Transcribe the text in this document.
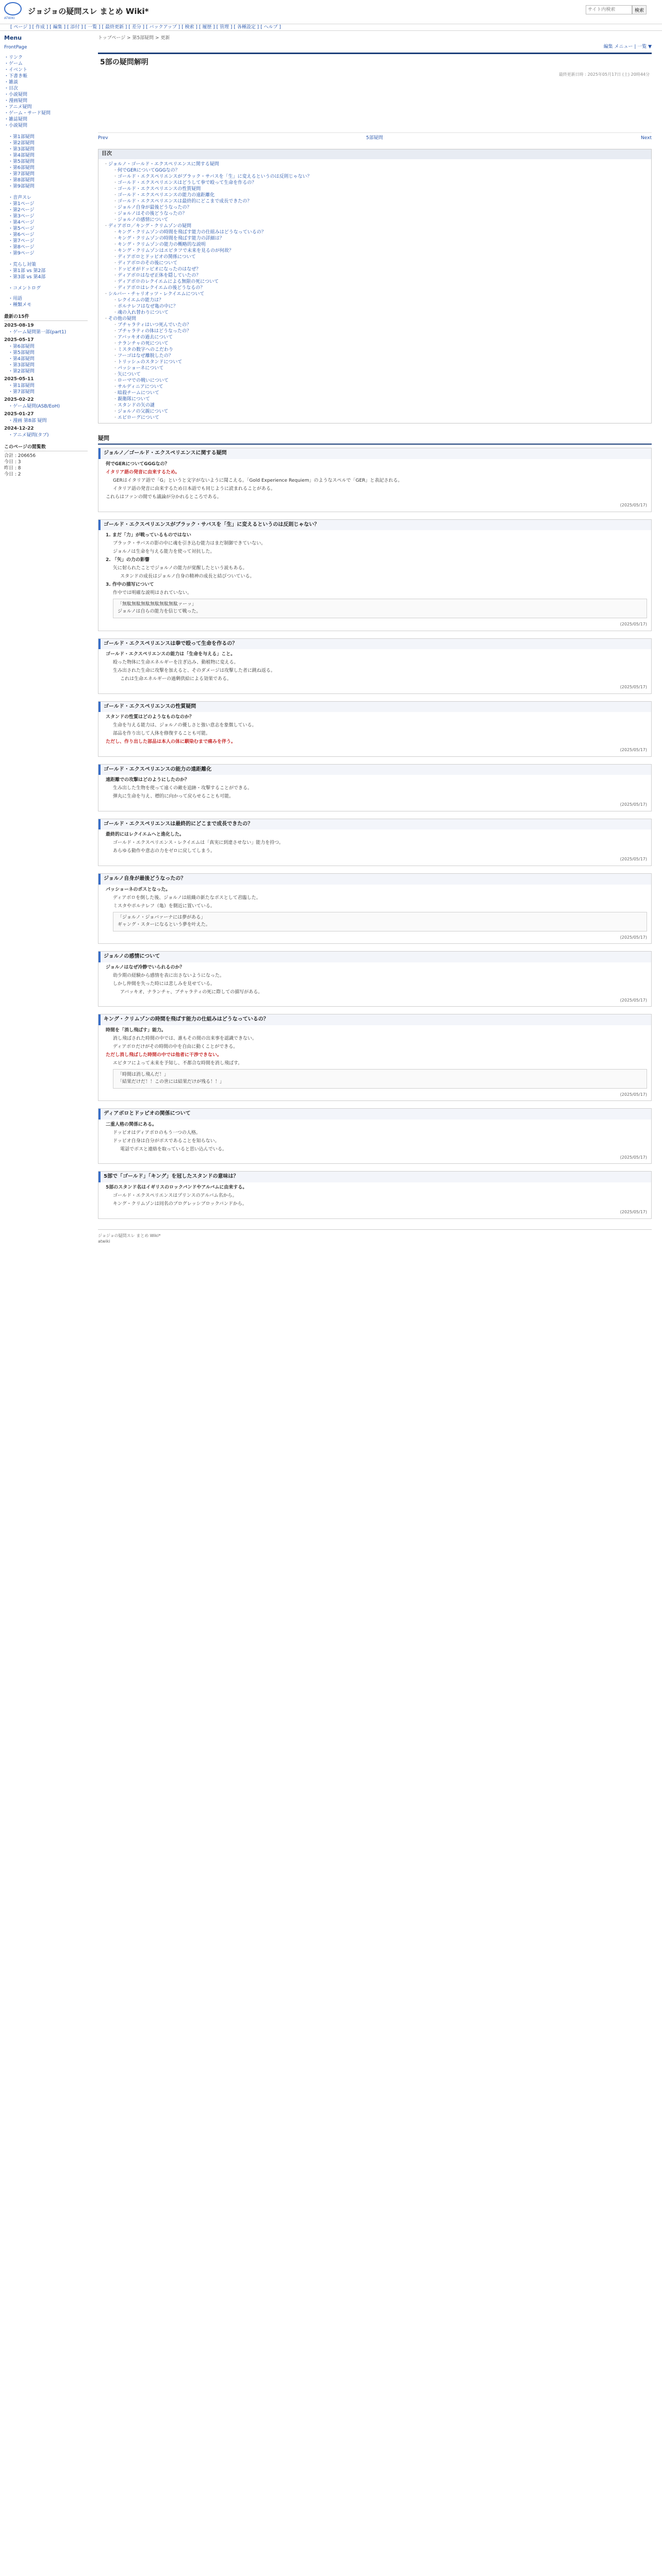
ATWIKI
ジョジョの疑問スレ まとめ Wiki*
サイト内検索	検索
[ ページ ] [ 作成 ] [ 編集 ] [ 添付 ] [ 一覧 ] [ 最終更新 ] [ 差分 ] [ バックアップ ] [ 検索 ] [ 履歴 ] [ 管理 ] [ 各種設定 ] [ ヘルプ ]
Menu
FrontPage
・リンク
・ゲーム
・イベント
・下書き帳
・雑談
・目次
・小説疑問
・漫画疑問
・アニメ疑問
・ゲーム・サード疑問
・雑誌疑問
・小説疑問
・第1部疑問
・第2部疑問
・第3部疑問
・第4部疑問
・第5部疑問
・第6部疑問
・第7部疑問
・第8部疑問
・第9部疑問
・音声スレ
・第1ページ
・第2ページ
・第3ページ
・第4ページ
・第5ページ
・第6ページ
・第7ページ
・第8ページ
・第9ページ
・荒らし対策
・第1部 vs 第2部
・第3部 vs 第4部
・コメントログ
・用語
・種類メモ
最新の15件
2025-08-19
・ゲーム疑問第一部(part1)
2025-05-17
・第6部疑問
・第5部疑問
・第4部疑問
・第3部疑問
・第2部疑問
2025-05-11
・第1部疑問
・第7部疑問
2025-02-22
・ゲーム疑問(ASB/EoH)
2025-01-27
・漫画 第8部 疑問
2024-12-22
・アニメ疑問(タブ)
このページの閲覧数
合計 : 206656
今日 : 3
昨日 : 8
今日 : 2
トップページ > 第5部疑問 > 更新
編集 メニュー | 一覧 ▼
5部の疑問解明
最終更新日時 : 2025年05月17日 (土) 20時44分
Prev	5部疑問	Next
目次
・ ジョルノ・ゴールド・エクスペリエンスに関する疑問
・ 何でGERについてGGGなの？
・ ゴールド・エクスペリエンスがブラック・サバスを「生」に変えるというのは反則じゃない？
・ ゴールド・エクスペリエンスはどうして拳で殴って生命を作るの？
・ ゴールド・エクスペリエンスの性質疑問
・ ゴールド・エクスペリエンスの能力の遠距離化
・ ゴールド・エクスペリエンスは最終的にどこまで成長できたの？
・ ジョルノ自身が最後どうなったの？
・ ジョルノはその後どうなったの？
・ ジョルノの感情について
・ ディアボロ／キング・クリムゾンの疑問
・ キング・クリムゾンの時間を飛ばす能力の仕組みはどうなっているの？
・ キング・クリムゾンの時間を飛ばす能力の詳細は？
・ キング・クリムゾンの能力の概略的な説明
・ キング・クリムゾンはエピタフで未来を見るのが何故？
・ ディアボロとドッピオの関係について
・ ディアボロのその後について
・ ドッピオがドッピオになったのはなぜ？
・ ディアボロはなぜ正体を隠していたの？
・ ディアボロのレクイエムによる無限の死について
・ ディアボロはレクイエムの後どうなるの？
・ シルバー・チャリオッツ・レクイエムについて
・ レクイエムの能力は？
・ ポルナレフはなぜ亀の中に？
・ 魂の入れ替わりについて
・ その他の疑問
・ ブチャラティはいつ死んでいたの？
・ ブチャラティの体はどうなったの？
・ アバッキオの過去について
・ ナランチャの死について
・ ミスタの数字へのこだわり
・ フーゴはなぜ離脱したの？
・ トリッシュのスタンドについて
・ パッショーネについて
・ 矢について
・ ローマでの戦いについて
・ サルディニアについて
・ 暗殺チームについて
・ 親衛隊について
・ スタンドの矢の謎
・ ジョルノの父親について
・ エピローグについて
疑問
ジョルノ／ゴールド・エクスペリエンスに関する疑問
何でGERについてGGGなの？
イタリア語の発音に由来するため。
GERはイタリア語で「G」というと文字がないように聞こえる。「Gold Experience Requiem」のようなスペルで「GER」と表記される。
イタリア語の発音に由来するため日本語でも同じように読まれることがある。
これらはファンの間でも議論が分かれるところである。
(2025/05/17)
ゴールド・エクスペリエンスがブラック・サバスを「生」に変えるというのは反則じゃない？
1. まだ「力」が戦っているものではない
ブラック・サバスの影の中に魂を引き込む能力はまだ制御できていない。
ジョルノは生命を与える能力を使って対抗した。
2. 「矢」の力の影響
矢に射られたことでジョルノの能力が覚醒したという説もある。
スタンドの成長はジョルノ自身の精神の成長と結びついている。
3. 作中の描写について
作中では明確な説明はされていない。
「無駄無駄無駄無駄無駄無駄ァーッ」
ジョルノは自らの能力を信じて戦った。
(2025/05/17)
ゴールド・エクスペリエンスは拳で殴って生命を作るの？
ゴールド・エクスペリエンスの能力は「生命を与える」こと。
殴った物体に生命エネルギーを注ぎ込み、動植物に変える。
生み出された生命に攻撃を加えると、そのダメージは攻撃した者に跳ね返る。
これは生命エネルギーの過剰供給による効果である。
(2025/05/17)
ゴールド・エクスペリエンスの性質疑問
スタンドの性質はどのようなものなのか？
生命を与える能力は、ジョルノの優しさと強い意志を象徴している。
部品を作り出して人体を修復することも可能。
ただし、作り出した部品は本人の体に馴染むまで痛みを伴う。
(2025/05/17)
ゴールド・エクスペリエンスの能力の遠距離化
遠距離での攻撃はどのようにしたのか？
生み出した生物を使って遠くの敵を追跡・攻撃することができる。
弾丸に生命を与え、標的に向かって戻らせることも可能。
(2025/05/17)
ゴールド・エクスペリエンスは最終的にどこまで成長できたの？
最終的にはレクイエムへと進化した。
ゴールド・エクスペリエンス・レクイエムは「真実に到達させない」能力を持つ。
あらゆる動作や意志の力をゼロに戻してしまう。
(2025/05/17)
ジョルノ自身が最後どうなったの？
パッショーネのボスとなった。
ディアボロを倒した後、ジョルノは組織の新たなボスとして君臨した。
ミスタやポルナレフ（亀）を側近に置いている。
「ジョルノ・ジョバァーナには夢がある」
ギャング・スターになるという夢を叶えた。
(2025/05/17)
ジョルノの感情について
ジョルノはなぜ冷静でいられるのか？
幼少期の経験から感情を表に出さないようになった。
しかし仲間を失った時には悲しみを見せている。
アバッキオ、ナランチャ、ブチャラティの死に際しての描写がある。
(2025/05/17)
キング・クリムゾンの時間を飛ばす能力の仕組みはどうなっているの？
時間を「消し飛ばす」能力。
消し飛ばされた時間の中では、誰もその間の出来事を認識できない。
ディアボロだけがその時間の中を自由に動くことができる。
ただし消し飛ばした時間の中では他者に干渉できない。
エピタフによって未来を予知し、不都合な時間を消し飛ばす。
「時間は消し飛んだ！」
「結果だけだ！！この世には結果だけが残る！！」
(2025/05/17)
ディアボロとドッピオの関係について
二重人格の関係にある。
ドッピオはディアボロのもう一つの人格。
ドッピオ自身は自分がボスであることを知らない。
電話でボスと連絡を取っていると思い込んでいる。
(2025/05/17)
5部で「ゴールド」「キング」を冠したスタンドの意味は？
5部のスタンド名はイギリスのロックバンドやアルバムに由来する。
ゴールド・エクスペリエンスはプリンスのアルバム名から。
キング・クリムゾンは同名のプログレッシブロックバンドから。
(2025/05/17)
ジョジョの疑問スレ まとめ Wiki*
atwiki
